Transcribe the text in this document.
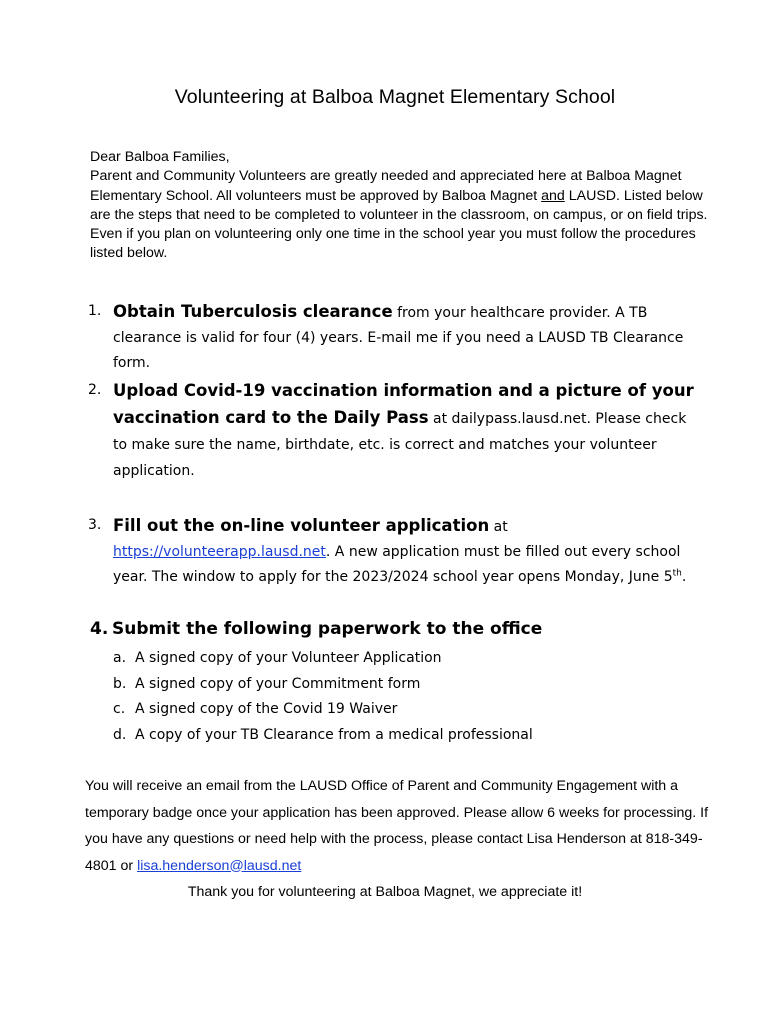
Volunteering at Balboa Magnet Elementary School

Dear Balboa Families,

Parent and Community Volunteers are greatly needed and appreciated here at Balboa Magnet Elementary School. All volunteers must be approved by Balboa Magnet and LAUSD. Listed below are the steps that need to be completed to volunteer in the classroom, on campus, or on field trips. Even if you plan on volunteering only one time in the school year you must follow the procedures listed below.

1. Obtain Tuberculosis clearance from your healthcare provider. A TB clearance is valid for four (4) years. E-mail me if you need a LAUSD TB Clearance form.
2. Upload Covid-19 vaccination information and a picture of your vaccination card to the Daily Pass at dailypass.lausd.net. Please check to make sure the name, birthdate, etc. is correct and matches your volunteer application.
3. Fill out the on-line volunteer application at https://volunteerapp.lausd.net. A new application must be filled out every school year. The window to apply for the 2023/2024 school year opens Monday, June 5th.
4. Submit the following paperwork to the office
a. A signed copy of your Volunteer Application
b. A signed copy of your Commitment form
c. A signed copy of the Covid 19 Waiver
d. A copy of your TB Clearance from a medical professional

You will receive an email from the LAUSD Office of Parent and Community Engagement with a temporary badge once your application has been approved. Please allow 6 weeks for processing. If you have any questions or need help with the process, please contact Lisa Henderson at 818-349-4801 or lisa.henderson@lausd.net

Thank you for volunteering at Balboa Magnet, we appreciate it!
